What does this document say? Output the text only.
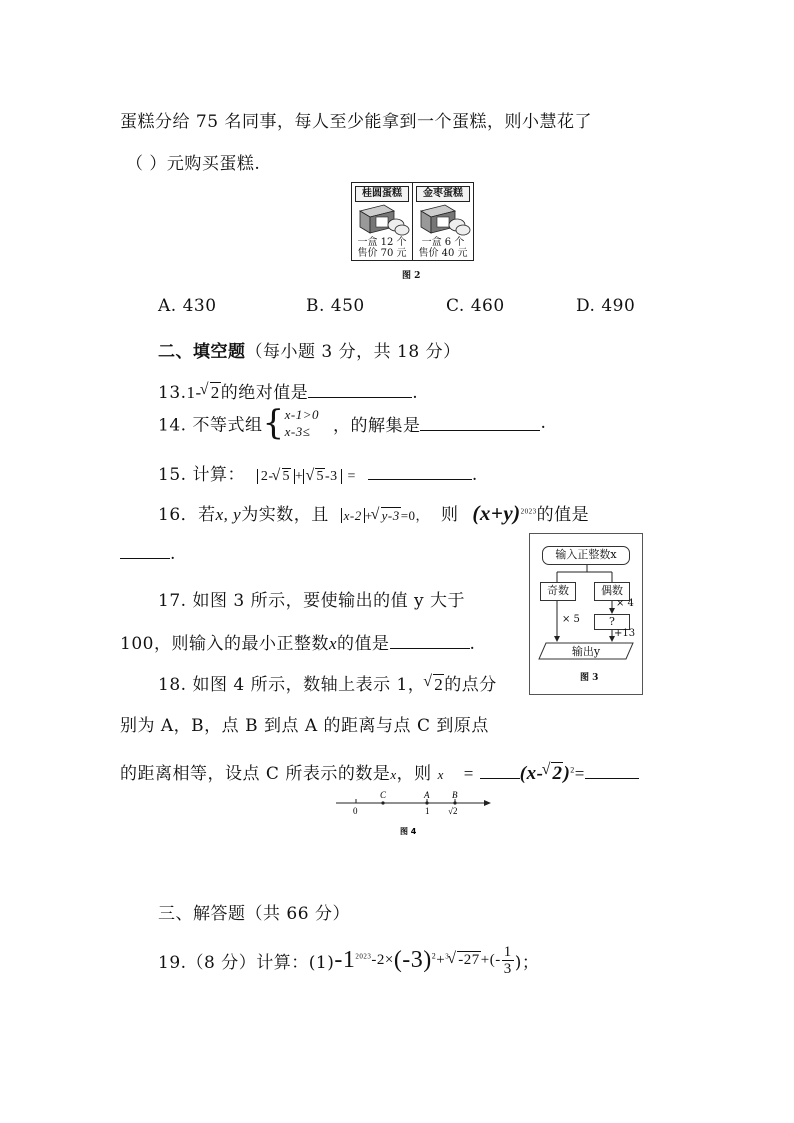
蛋糕分给 75 名同事，每人至少能拿到一个蛋糕，则小慧花了
（ ）元购买蛋糕.
桂圆蛋糕
一盒 12 个
售价 70 元
金枣蛋糕
一盒 6 个
售价 40 元
图 2
A. 430	B. 450	C. 460	D. 490
二、填空题（每小题 3 分，共 18 分）
13.1-√ 2的绝对值是	.
14. 不等式组{ x-1>0
x-3≤	，的解集是	.
15. 计算： 2-√ 5 +√ 5-3 =	.
16．若x, y为实数，且 x-2 +√ y-3=0， 则 $(x+y)^{2023}$的值是
.
17. 如图 3 所示，要使输出的值 y 大于
100，则输入的最小正整数x的值是	.
输入正整数x
奇数	偶数
× 5
× 4
?
+13
输出y
图 3
18. 如图 4 所示，数轴上表示 1，√ 2的点分
别为 A，B，点 B 到点 A 的距离与点 C 到原点
的距离相等，设点 C 所表示的数是x，则 x = (x-√ 2)$^2$=
C	A	B
0	1 √2
图 4
三、解答题（共 66 分）
19.（8 分）计算：$(1)-1^{2023}-2\times(-3)^2+^3√$ $-27+(- \frac{1}{3}$ )；
